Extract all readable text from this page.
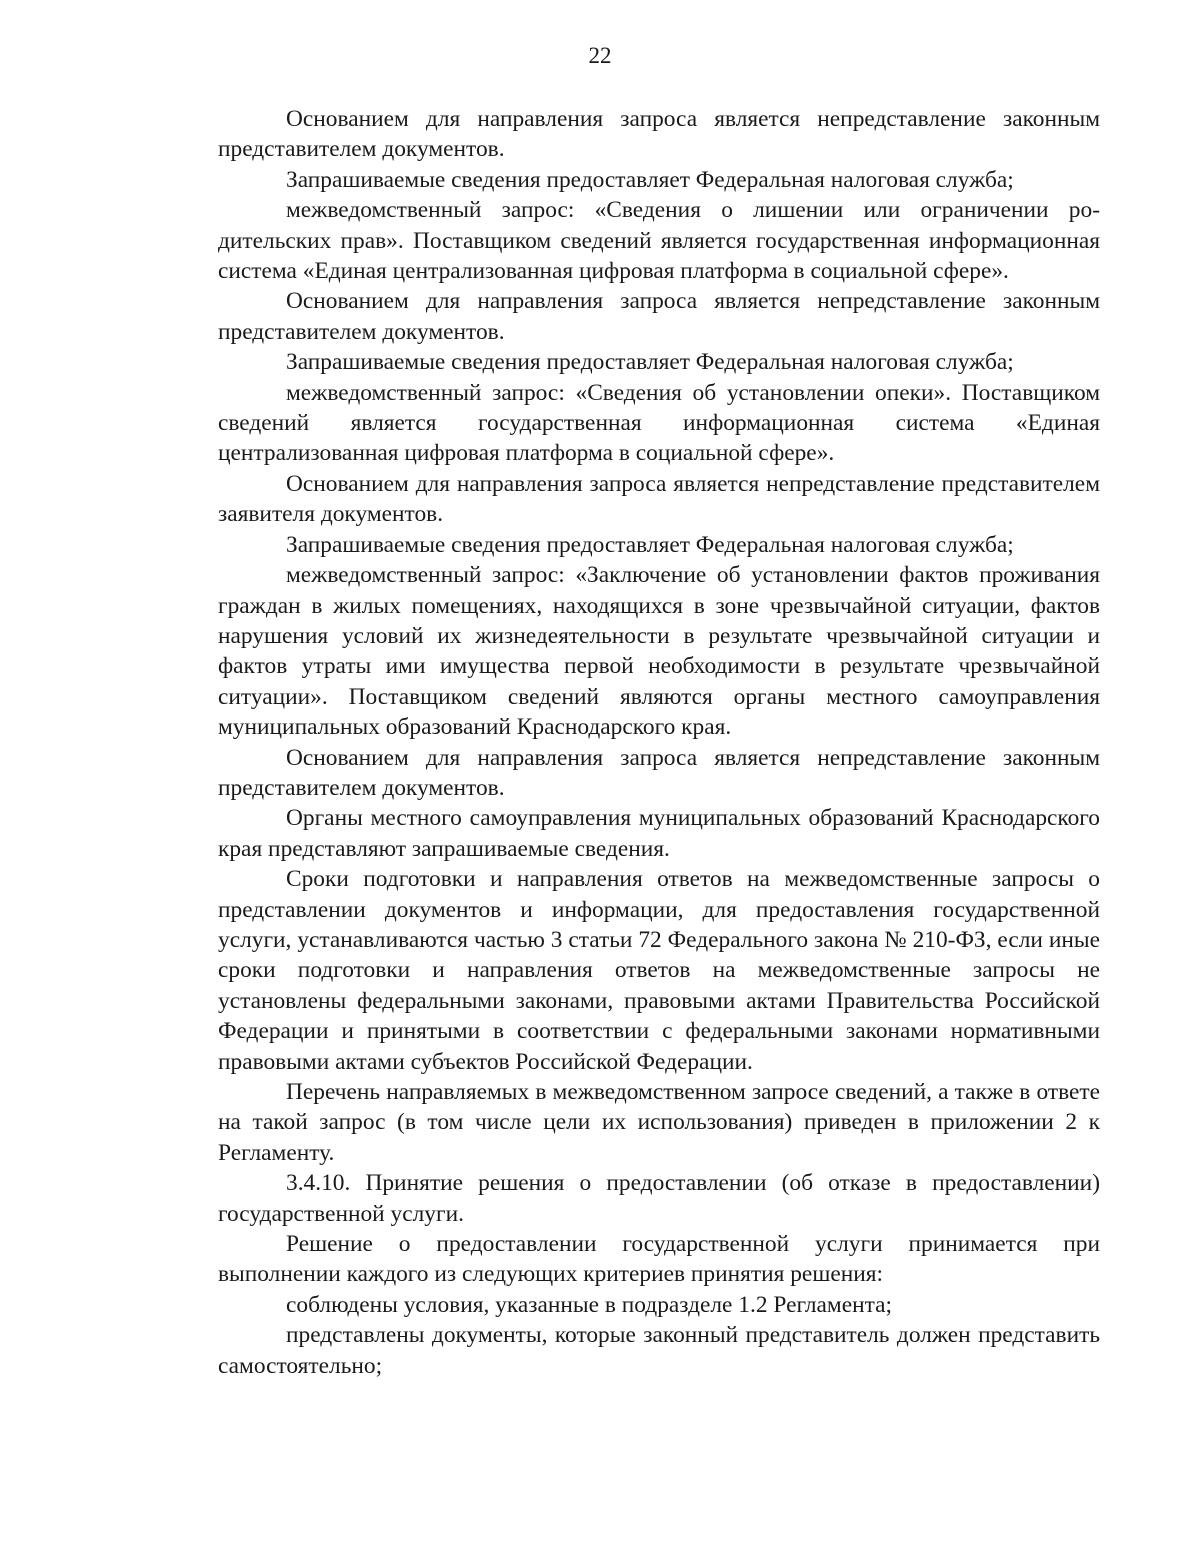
22

Основанием для направления запроса является непредставление законным представителем документов.

Запрашиваемые сведения предоставляет Федеральная налоговая служба;

межведомственный запрос: «Сведения о лишении или ограничении родительских прав». Поставщиком сведений является государственная информационная система «Единая централизованная цифровая платформа в социальной сфере».

Основанием для направления запроса является непредставление законным представителем документов.

Запрашиваемые сведения предоставляет Федеральная налоговая служба;

межведомственный запрос: «Сведения об установлении опеки». Поставщиком сведений является государственная информационная система «Единая централизованная цифровая платформа в социальной сфере».

Основанием для направления запроса является непредставление представителем заявителя документов.

Запрашиваемые сведения предоставляет Федеральная налоговая служба;

межведомственный запрос: «Заключение об установлении фактов проживания граждан в жилых помещениях, находящихся в зоне чрезвычайной ситуации, фактов нарушения условий их жизнедеятельности в результате чрезвычайной ситуации и фактов утраты ими имущества первой необходимости в результате чрезвычайной ситуации». Поставщиком сведений являются органы местного самоуправления муниципальных образований Краснодарского края.

Основанием для направления запроса является непредставление законным представителем документов.

Органы местного самоуправления муниципальных образований Краснодарского края представляют запрашиваемые сведения.

Сроки подготовки и направления ответов на межведомственные запросы о представлении документов и информации, для предоставления государственной услуги, устанавливаются частью 3 статьи 72 Федерального закона № 210-ФЗ, если иные сроки подготовки и направления ответов на межведомственные запросы не установлены федеральными законами, правовыми актами Правительства Российской Федерации и принятыми в соответствии с федеральными законами нормативными правовыми актами субъектов Российской Федерации.

Перечень направляемых в межведомственном запросе сведений, а также в ответе на такой запрос (в том числе цели их использования) приведен в приложении 2 к Регламенту.

3.4.10. Принятие решения о предоставлении (об отказе в предоставлении) государственной услуги.

Решение о предоставлении государственной услуги принимается при выполнении каждого из следующих критериев принятия решения:

соблюдены условия, указанные в подразделе 1.2 Регламента;

представлены документы, которые законный представитель должен представить самостоятельно;
